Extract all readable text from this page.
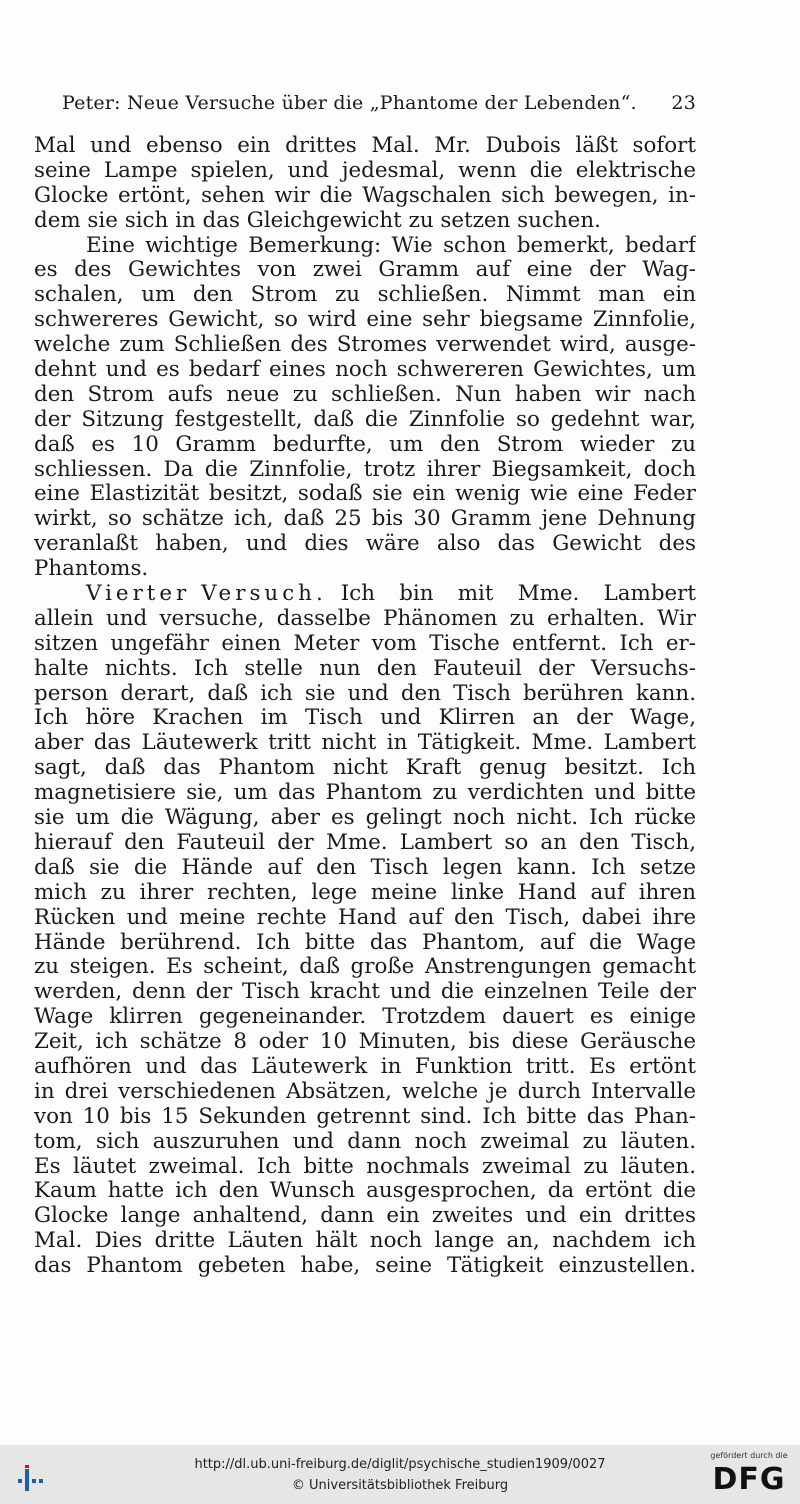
Peter: Neue Versuche über die „Phantome der Lebenden“. 23

Mal und ebenso ein drittes Mal. Mr. Dubois läßt sofort
seine Lampe spielen, und jedesmal, wenn die elektrische
Glocke ertönt, sehen wir die Wagschalen sich bewegen, in-
dem sie sich in das Gleichgewicht zu setzen suchen.

Eine wichtige Bemerkung: Wie schon bemerkt, bedarf
es des Gewichtes von zwei Gramm auf eine der Wag-
schalen, um den Strom zu schließen. Nimmt man ein
schwereres Gewicht, so wird eine sehr biegsame Zinnfolie,
welche zum Schließen des Stromes verwendet wird, ausge-
dehnt und es bedarf eines noch schwereren Gewichtes, um
den Strom aufs neue zu schließen. Nun haben wir nach
der Sitzung festgestellt, daß die Zinnfolie so gedehnt war,
daß es 10 Gramm bedurfte, um den Strom wieder zu
schliessen. Da die Zinnfolie, trotz ihrer Biegsamkeit, doch
eine Elastizität besitzt, sodaß sie ein wenig wie eine Feder
wirkt, so schätze ich, daß 25 bis 30 Gramm jene Dehnung
veranlaßt haben, und dies wäre also das Gewicht des
Phantoms.

Vierter Versuch. Ich bin mit Mme. Lambert
allein und versuche, dasselbe Phänomen zu erhalten. Wir
sitzen ungefähr einen Meter vom Tische entfernt. Ich er-
halte nichts. Ich stelle nun den Fauteuil der Versuchs-
person derart, daß ich sie und den Tisch berühren kann.
Ich höre Krachen im Tisch und Klirren an der Wage,
aber das Läutewerk tritt nicht in Tätigkeit. Mme. Lambert
sagt, daß das Phantom nicht Kraft genug besitzt. Ich
magnetisiere sie, um das Phantom zu verdichten und bitte
sie um die Wägung, aber es gelingt noch nicht. Ich rücke
hierauf den Fauteuil der Mme. Lambert so an den Tisch,
daß sie die Hände auf den Tisch legen kann. Ich setze
mich zu ihrer rechten, lege meine linke Hand auf ihren
Rücken und meine rechte Hand auf den Tisch, dabei ihre
Hände berührend. Ich bitte das Phantom, auf die Wage
zu steigen. Es scheint, daß große Anstrengungen gemacht
werden, denn der Tisch kracht und die einzelnen Teile der
Wage klirren gegeneinander. Trotzdem dauert es einige
Zeit, ich schätze 8 oder 10 Minuten, bis diese Geräusche
aufhören und das Läutewerk in Funktion tritt. Es ertönt
in drei verschiedenen Absätzen, welche je durch Intervalle
von 10 bis 15 Sekunden getrennt sind. Ich bitte das Phan-
tom, sich auszuruhen und dann noch zweimal zu läuten.
Es läutet zweimal. Ich bitte nochmals zweimal zu läuten.
Kaum hatte ich den Wunsch ausgesprochen, da ertönt die
Glocke lange anhaltend, dann ein zweites und ein drittes
Mal. Dies dritte Läuten hält noch lange an, nachdem ich
das Phantom gebeten habe, seine Tätigkeit einzustellen.

http://dl.ub.uni-freiburg.de/diglit/psychische_studien1909/0027
© Universitätsbibliothek Freiburg
gefördert durch die
DFG
